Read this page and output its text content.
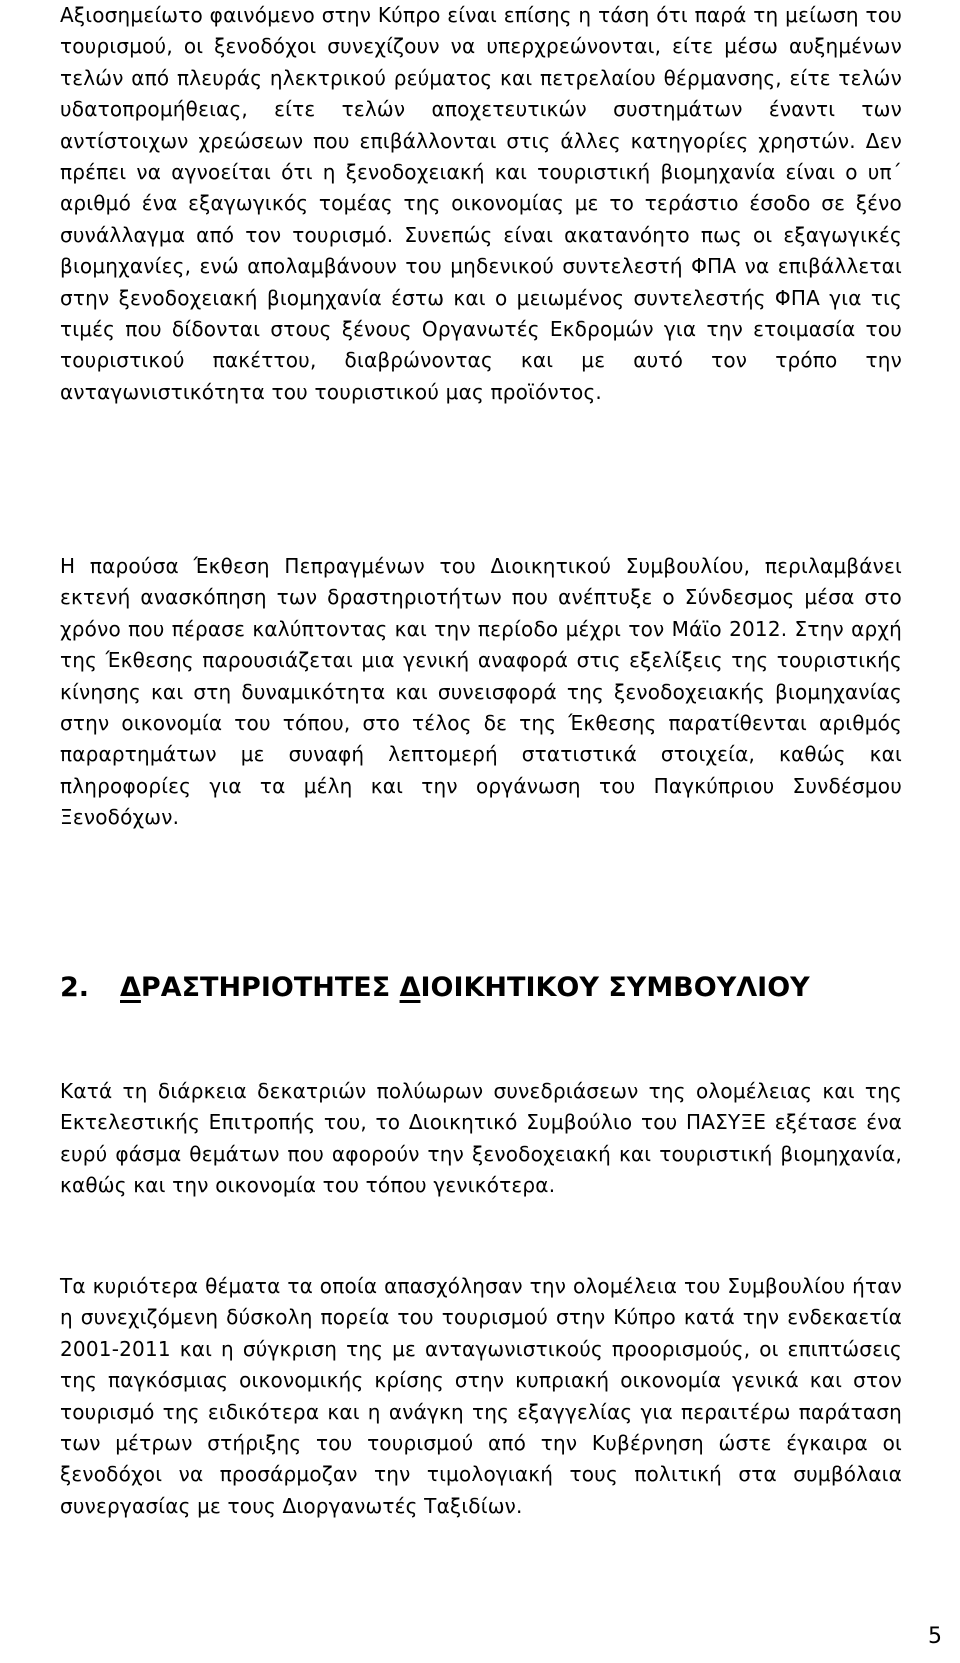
Αξιοσημείωτο φαινόμενο στην Κύπρο είναι επίσης η τάση ότι παρά τη μείωση του τουρισμού, οι ξενοδόχοι συνεχίζουν να υπερχρεώνονται, είτε μέσω αυξημένων τελών από πλευράς ηλεκτρικού ρεύματος και πετρελαίου θέρμανσης, είτε τελών υδατοπρομήθειας, είτε τελών αποχετευτικών συστημάτων έναντι των αντίστοιχων χρεώσεων που επιβάλλονται στις άλλες κατηγορίες χρηστών. Δεν πρέπει να αγνοείται ότι η ξενοδοχειακή και τουριστική βιομηχανία είναι ο υπ΄ αριθμό ένα εξαγωγικός τομέας της οικονομίας με το τεράστιο έσοδο σε ξένο συνάλλαγμα από τον τουρισμό. Συνεπώς είναι ακατανόητο πως οι εξαγωγικές βιομηχανίες, ενώ απολαμβάνουν του μηδενικού συντελεστή ΦΠΑ να επιβάλλεται στην ξενοδοχειακή βιομηχανία έστω και ο μειωμένος συντελεστής ΦΠΑ για τις τιμές που δίδονται στους ξένους Οργανωτές Εκδρομών για την ετοιμασία του τουριστικού πακέττου, διαβρώνοντας και με αυτό τον τρόπο την ανταγωνιστικότητα του τουριστικού μας προϊόντος.

Η παρούσα Έκθεση Πεπραγμένων του Διοικητικού Συμβουλίου, περιλαμβάνει εκτενή ανασκόπηση των δραστηριοτήτων που ανέπτυξε ο Σύνδεσμος μέσα στο χρόνο που πέρασε καλύπτοντας και την περίοδο μέχρι τον Μάϊο 2012. Στην αρχή της Έκθεσης παρουσιάζεται μια γενική αναφορά στις εξελίξεις της τουριστικής κίνησης και στη δυναμικότητα και συνεισφορά της ξενοδοχειακής βιομηχανίας στην οικονομία του τόπου, στο τέλος δε της Έκθεσης παρατίθενται αριθμός παραρτημάτων με συναφή λεπτομερή στατιστικά στοιχεία, καθώς και πληροφορίες για τα μέλη και την οργάνωση του Παγκύπριου Συνδέσμου Ξενοδόχων.

2. ΔΡΑΣΤΗΡΙΟΤΗΤΕΣ ΔΙΟΙΚΗΤΙΚΟΥ ΣΥΜΒΟΥΛΙΟΥ

Κατά τη διάρκεια δεκατριών πολύωρων συνεδριάσεων της ολομέλειας και της Εκτελεστικής Επιτροπής του, το Διοικητικό Συμβούλιο του ΠΑΣΥΞΕ εξέτασε ένα ευρύ φάσμα θεμάτων που αφορούν την ξενοδοχειακή και τουριστική βιομηχανία, καθώς και την οικονομία του τόπου γενικότερα.

Τα κυριότερα θέματα τα οποία απασχόλησαν την ολομέλεια του Συμβουλίου ήταν η συνεχιζόμενη δύσκολη πορεία του τουρισμού στην Κύπρο κατά την ενδεκαετία 2001-2011 και η σύγκριση της με ανταγωνιστικούς προορισμούς, οι επιπτώσεις της παγκόσμιας οικονομικής κρίσης στην κυπριακή οικονομία γενικά και στον τουρισμό της ειδικότερα και η ανάγκη της εξαγγελίας για περαιτέρω παράταση των μέτρων στήριξης του τουρισμού από την Κυβέρνηση ώστε έγκαιρα οι ξενοδόχοι να προσάρμοζαν την τιμολογιακή τους πολιτική στα συμβόλαια συνεργασίας με τους Διοργανωτές Ταξιδίων.

5
